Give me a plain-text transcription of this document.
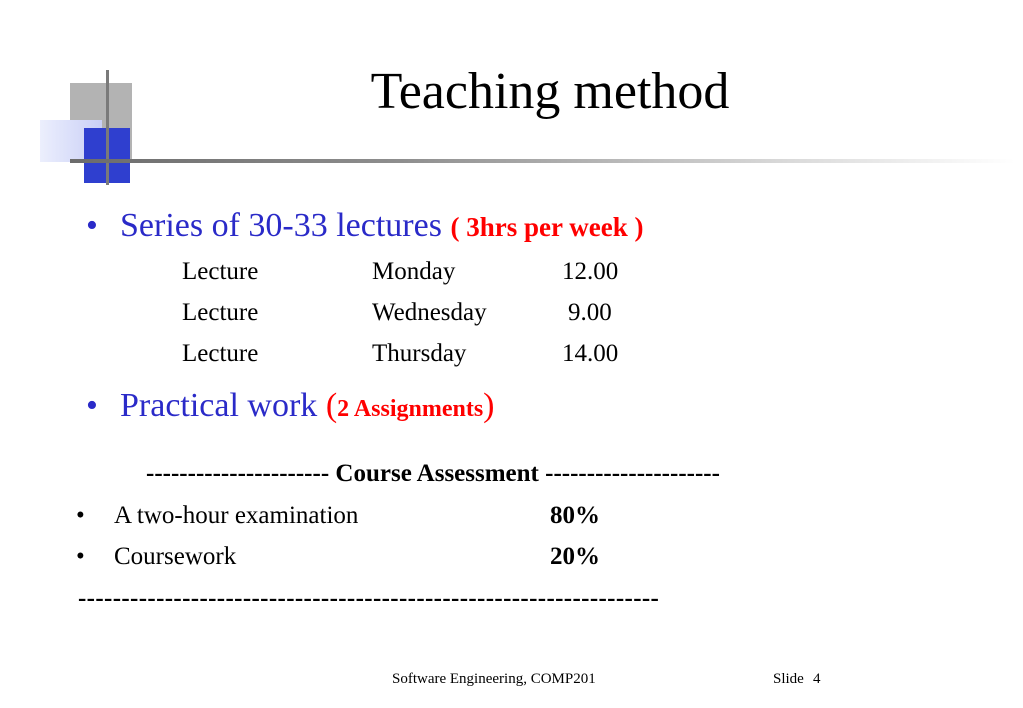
Teaching method
• Series of 30-33 lectures ( 3hrs per week )
Lecture	Monday	12.00
Lecture	Wednesday	9.00
Lecture	Thursday	14.00
• Practical work (2 Assignments)
---------------------- Course Assessment ---------------------
• A two-hour examination	80%
• Coursework	20%
-------------------------------------------------------------------
Software Engineering, COMP201	Slide 4
